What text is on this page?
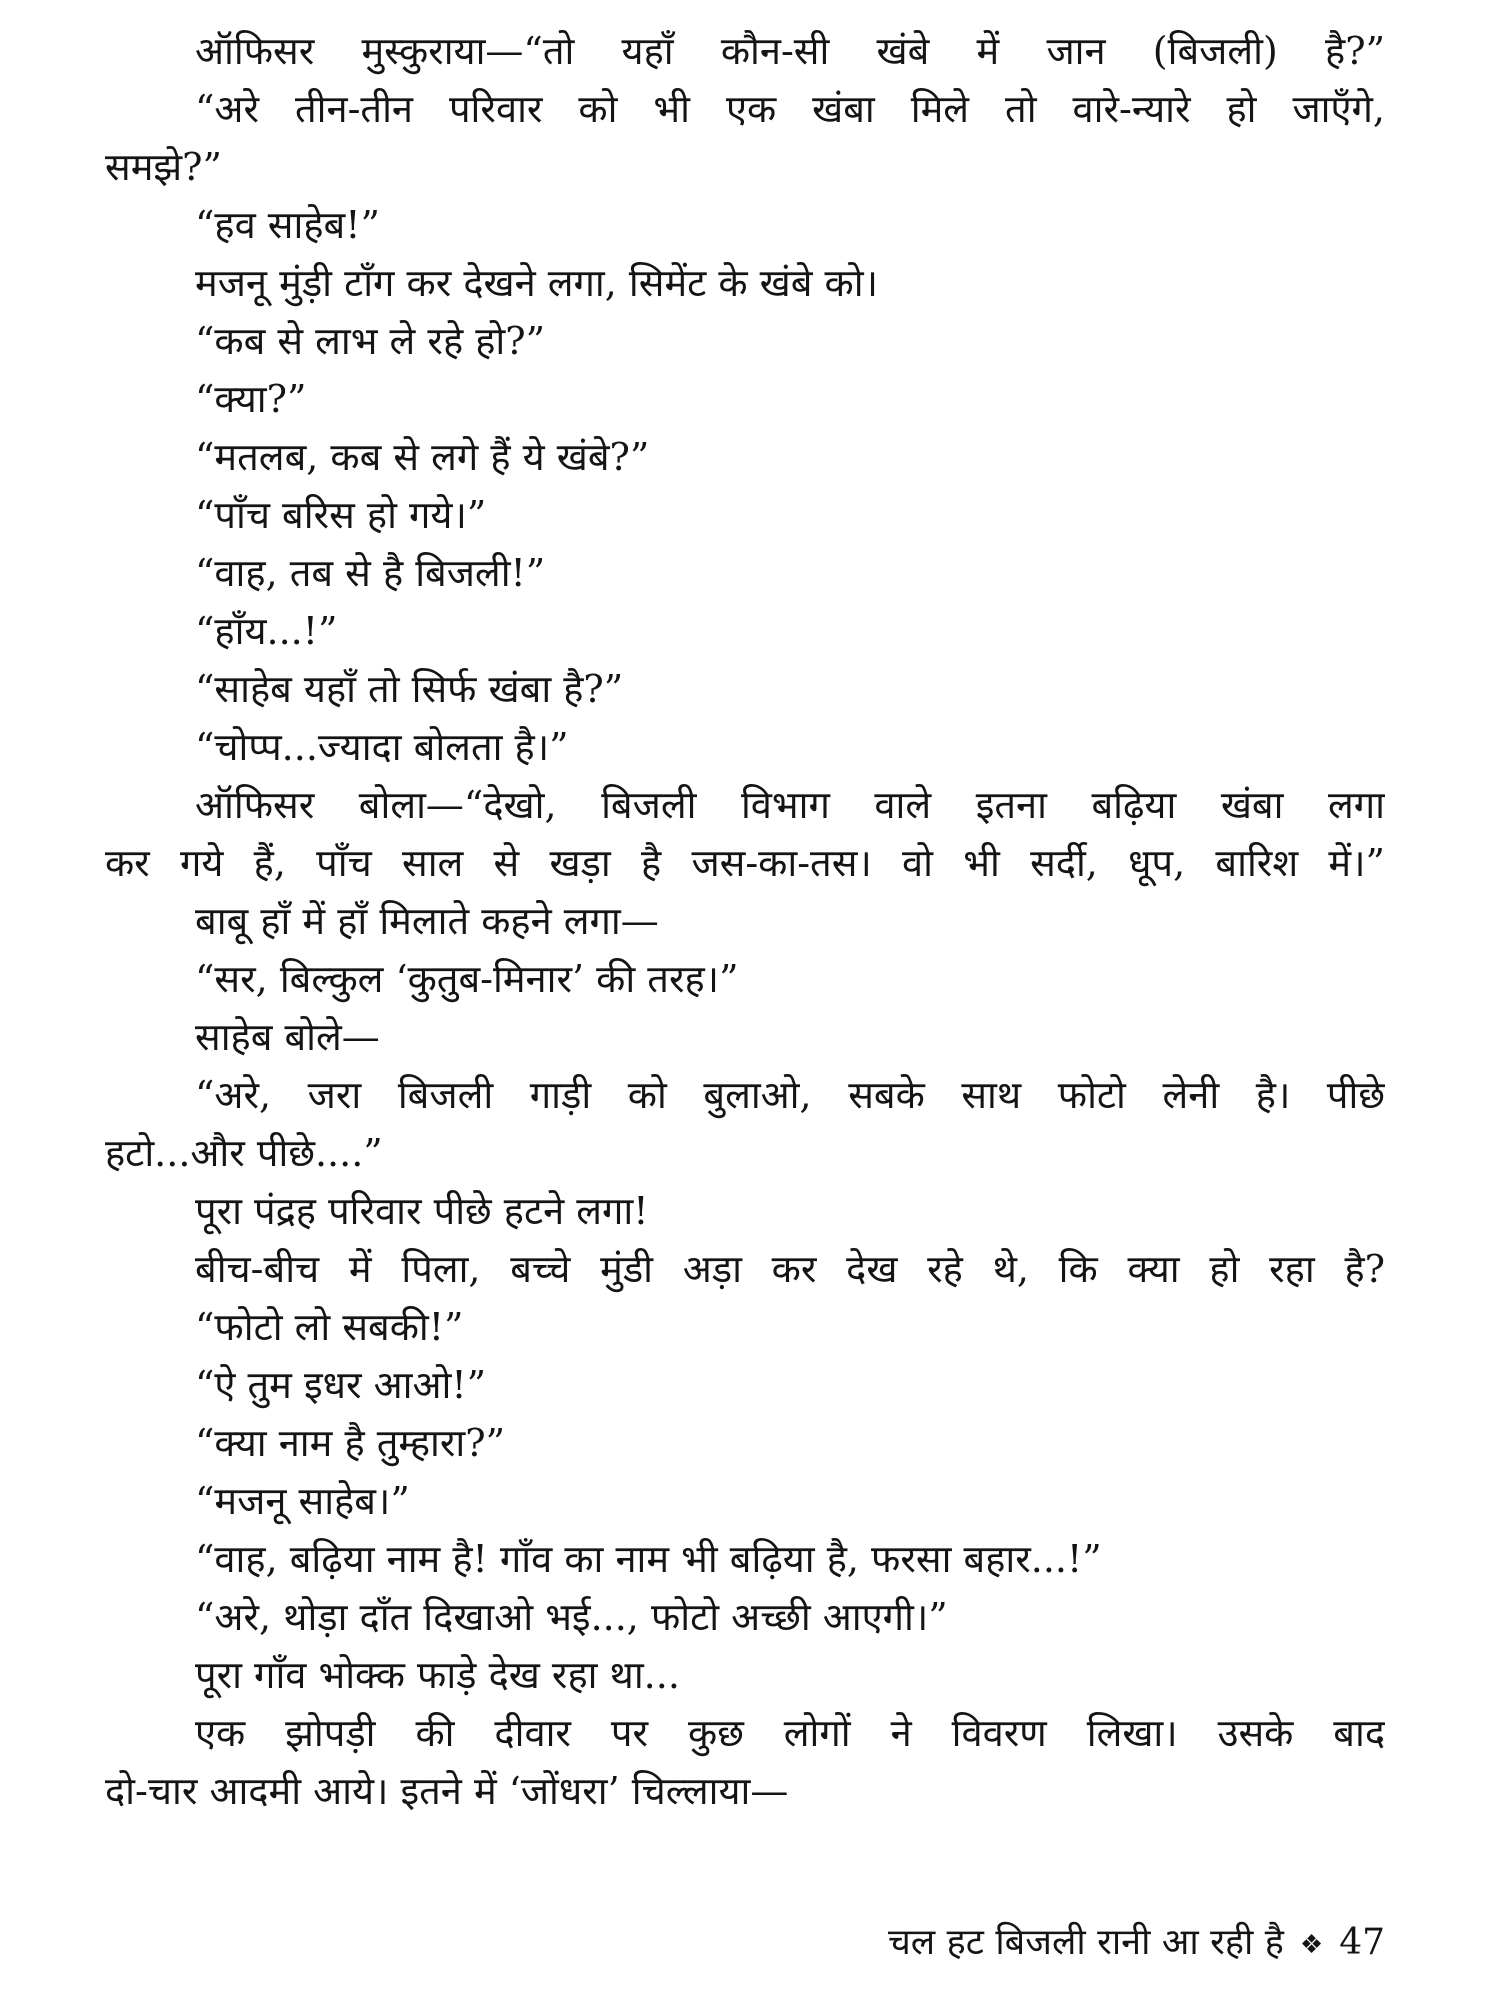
ऑफिसर मुस्कुराया—“तो यहाँ कौन-सी खंबे में जान (बिजली) है?”
“अरे तीन-तीन परिवार को भी एक खंबा मिले तो वारे-न्यारे हो जाएँगे,
समझे?”
“हव साहेब!”
मजनू मुंड़ी टाँग कर देखने लगा, सिमेंट के खंबे को।
“कब से लाभ ले रहे हो?”
“क्या?”
“मतलब, कब से लगे हैं ये खंबे?”
“पाँच बरिस हो गये।”
“वाह, तब से है बिजली!”
“हाँय...!”
“साहेब यहाँ तो सिर्फ खंबा है?”
“चोप्प...ज्यादा बोलता है।”
ऑफिसर बोला—“देखो, बिजली विभाग वाले इतना बढ़िया खंबा लगा
कर गये हैं, पाँच साल से खड़ा है जस-का-तस। वो भी सर्दी, धूप, बारिश में।”
बाबू हाँ में हाँ मिलाते कहने लगा—
“सर, बिल्कुल ‘कुतुब-मिनार’ की तरह।”
साहेब बोले—
“अरे, जरा बिजली गाड़ी को बुलाओ, सबके साथ फोटो लेनी है। पीछे
हटो...और पीछे....”
पूरा पंद्रह परिवार पीछे हटने लगा!
बीच-बीच में पिला, बच्चे मुंडी अड़ा कर देख रहे थे, कि क्या हो रहा है?
“फोटो लो सबकी!”
“ऐ तुम इधर आओ!”
“क्या नाम है तुम्हारा?”
“मजनू साहेब।”
“वाह, बढ़िया नाम है! गाँव का नाम भी बढ़िया है, फरसा बहार...!”
“अरे, थोड़ा दाँत दिखाओ भई..., फोटो अच्छी आएगी।”
पूरा गाँव भोक्क फाड़े देख रहा था...
एक झोपड़ी की दीवार पर कुछ लोगों ने विवरण लिखा। उसके बाद
दो-चार आदमी आये। इतने में ‘जोंधरा’ चिल्लाया—
चल हट बिजली रानी आ रही है ❖ 47
